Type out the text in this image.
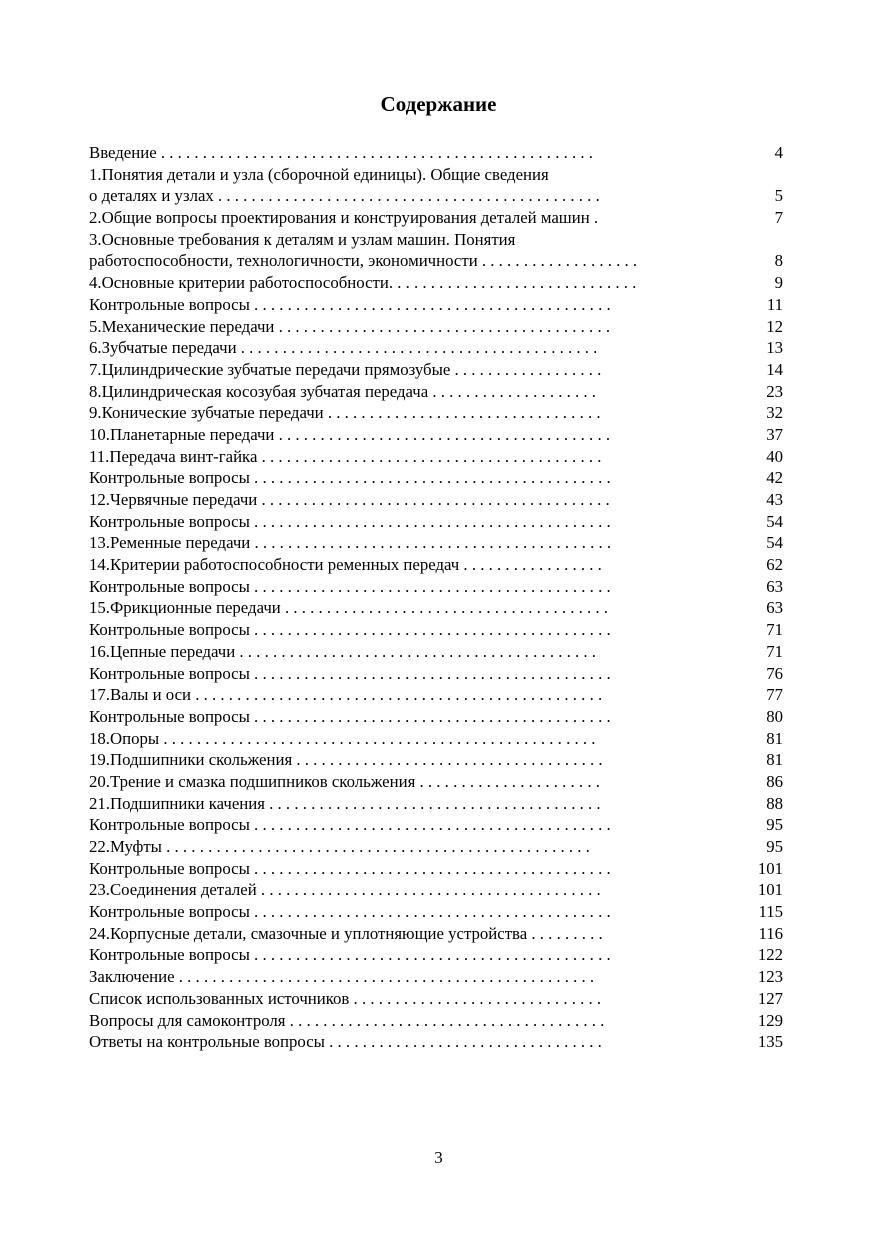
Содержание
Введение . . . . . . . . . . . . . . . . . . . . . . . . . . . . . . . . . . . . . . . . . . . . . . . . . . . .	4
1.Понятия детали и узла (сборочной единицы). Общие сведения
о деталях и узлах . . . . . . . . . . . . . . . . . . . . . . . . . . . . . . . . . . . . . . . . . . . . . .	5
2.Общие вопросы проектирования и конструирования деталей машин .	7
3.Основные требования к деталям и узлам машин. Понятия
работоспособности, технологичности, экономичности . . . . . . . . . . . . . . . . . . .	8
4.Основные критерии работоспособности. . . . . . . . . . . . . . . . . . . . . . . . . . . . . .	9
Контрольные вопросы . . . . . . . . . . . . . . . . . . . . . . . . . . . . . . . . . . . . . . . . . . .	11
5.Механические передачи . . . . . . . . . . . . . . . . . . . . . . . . . . . . . . . . . . . . . . . .	12
6.Зубчатые передачи . . . . . . . . . . . . . . . . . . . . . . . . . . . . . . . . . . . . . . . . . . .	13
7.Цилиндрические зубчатые передачи прямозубые . . . . . . . . . . . . . . . . . .	14
8.Цилиндрическая косозубая зубчатая передача . . . . . . . . . . . . . . . . . . . .	23
9.Конические зубчатые передачи . . . . . . . . . . . . . . . . . . . . . . . . . . . . . . . . .	32
10.Планетарные передачи . . . . . . . . . . . . . . . . . . . . . . . . . . . . . . . . . . . . . . . .	37
11.Передача винт-гайка . . . . . . . . . . . . . . . . . . . . . . . . . . . . . . . . . . . . . . . . .	40
Контрольные вопросы . . . . . . . . . . . . . . . . . . . . . . . . . . . . . . . . . . . . . . . . . . .	42
12.Червячные передачи . . . . . . . . . . . . . . . . . . . . . . . . . . . . . . . . . . . . . . . . . .	43
Контрольные вопросы . . . . . . . . . . . . . . . . . . . . . . . . . . . . . . . . . . . . . . . . . . .	54
13.Ременные передачи . . . . . . . . . . . . . . . . . . . . . . . . . . . . . . . . . . . . . . . . . . .	54
14.Критерии работоспособности ременных передач . . . . . . . . . . . . . . . . .	62
Контрольные вопросы . . . . . . . . . . . . . . . . . . . . . . . . . . . . . . . . . . . . . . . . . . .	63
15.Фрикционные передачи . . . . . . . . . . . . . . . . . . . . . . . . . . . . . . . . . . . . . . .	63
Контрольные вопросы . . . . . . . . . . . . . . . . . . . . . . . . . . . . . . . . . . . . . . . . . . .	71
16.Цепные передачи . . . . . . . . . . . . . . . . . . . . . . . . . . . . . . . . . . . . . . . . . . .	71
Контрольные вопросы . . . . . . . . . . . . . . . . . . . . . . . . . . . . . . . . . . . . . . . . . . .	76
17.Валы и оси . . . . . . . . . . . . . . . . . . . . . . . . . . . . . . . . . . . . . . . . . . . . . . . . .	77
Контрольные вопросы . . . . . . . . . . . . . . . . . . . . . . . . . . . . . . . . . . . . . . . . . . .	80
18.Опоры . . . . . . . . . . . . . . . . . . . . . . . . . . . . . . . . . . . . . . . . . . . . . . . . . . . .	81
19.Подшипники скольжения . . . . . . . . . . . . . . . . . . . . . . . . . . . . . . . . . . . . .	81
20.Трение и смазка подшипников скольжения . . . . . . . . . . . . . . . . . . . . . .	86
21.Подшипники качения . . . . . . . . . . . . . . . . . . . . . . . . . . . . . . . . . . . . . . . .	88
Контрольные вопросы . . . . . . . . . . . . . . . . . . . . . . . . . . . . . . . . . . . . . . . . . . .	95
22.Муфты . . . . . . . . . . . . . . . . . . . . . . . . . . . . . . . . . . . . . . . . . . . . . . . . . . .	95
Контрольные вопросы . . . . . . . . . . . . . . . . . . . . . . . . . . . . . . . . . . . . . . . . . . .	101
23.Соединения деталей . . . . . . . . . . . . . . . . . . . . . . . . . . . . . . . . . . . . . . . . .	101
Контрольные вопросы . . . . . . . . . . . . . . . . . . . . . . . . . . . . . . . . . . . . . . . . . . .	115
24.Корпусные детали, смазочные и уплотняющие устройства . . . . . . . . .	116
Контрольные вопросы . . . . . . . . . . . . . . . . . . . . . . . . . . . . . . . . . . . . . . . . . . .	122
Заключение . . . . . . . . . . . . . . . . . . . . . . . . . . . . . . . . . . . . . . . . . . . . . . . . . .	123
Список использованных источников . . . . . . . . . . . . . . . . . . . . . . . . . . . . . .	127
Вопросы для самоконтроля . . . . . . . . . . . . . . . . . . . . . . . . . . . . . . . . . . . . . .	129
Ответы на контрольные вопросы . . . . . . . . . . . . . . . . . . . . . . . . . . . . . . . . .	135
3
